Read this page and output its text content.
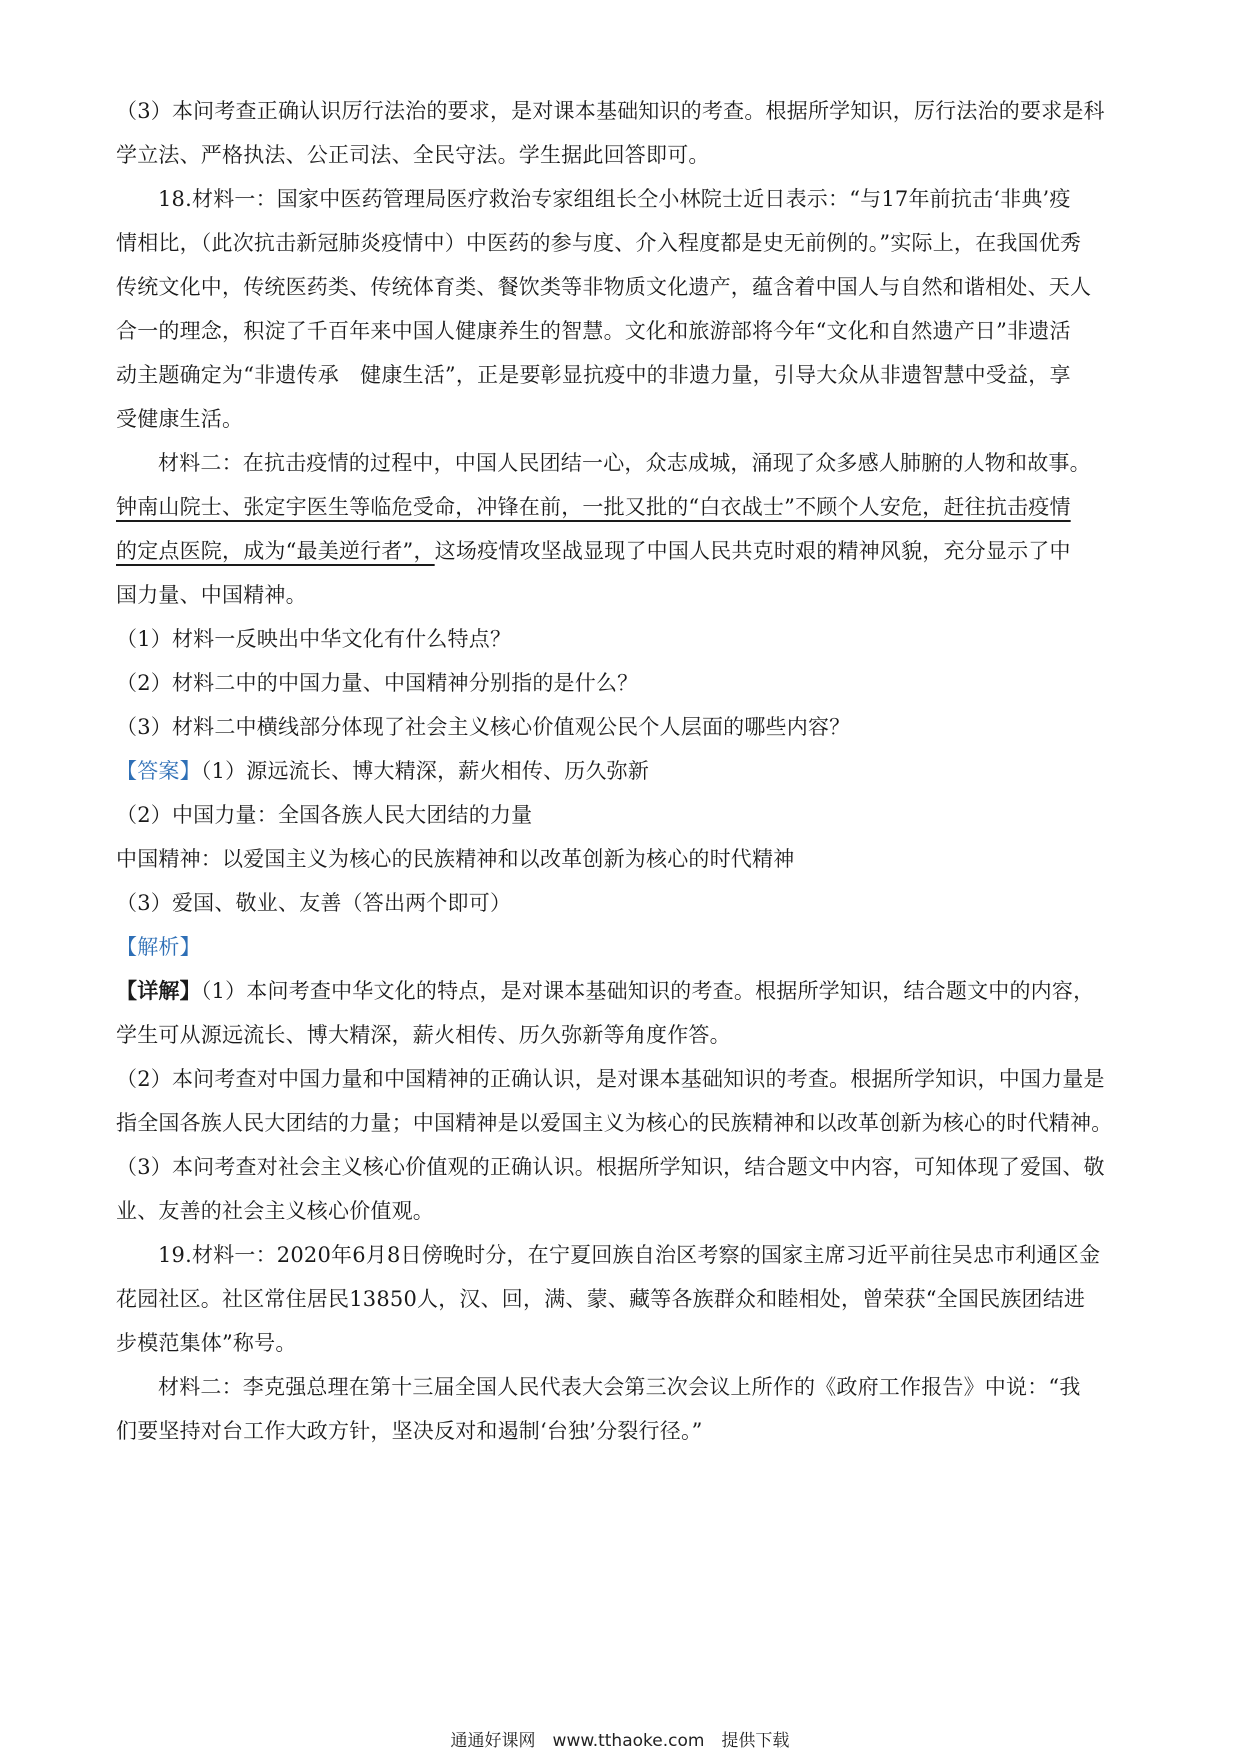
（3）本问考查正确认识厉行法治的要求，是对课本基础知识的考查。根据所学知识，厉行法治的要求是科
学立法、严格执法、公正司法、全民守法。学生据此回答即可。
18.材料一：国家中医药管理局医疗救治专家组组长仝小林院士近日表示：“与17年前抗击‘非典’疫
情相比，（此次抗击新冠肺炎疫情中）中医药的参与度、介入程度都是史无前例的。”实际上，在我国优秀
传统文化中，传统医药类、传统体育类、餐饮类等非物质文化遗产，蕴含着中国人与自然和谐相处、天人
合一的理念，积淀了千百年来中国人健康养生的智慧。文化和旅游部将今年“文化和自然遗产日”非遗活
动主题确定为“非遗传承　健康生活”，正是要彰显抗疫中的非遗力量，引导大众从非遗智慧中受益，享
受健康生活。
材料二：在抗击疫情的过程中，中国人民团结一心，众志成城，涌现了众多感人肺腑的人物和故事。
钟南山院士、张定宇医生等临危受命，冲锋在前，一批又批的“白衣战士”不顾个人安危，赶往抗击疫情
的定点医院，成为“最美逆行者”，这场疫情攻坚战显现了中国人民共克时艰的精神风貌，充分显示了中
国力量、中国精神。
（1）材料一反映出中华文化有什么特点？
（2）材料二中的中国力量、中国精神分别指的是什么？
（3）材料二中横线部分体现了社会主义核心价值观公民个人层面的哪些内容？
【答案】（1）源远流长、博大精深，薪火相传、历久弥新
（2）中国力量：全国各族人民大团结的力量
中国精神：以爱国主义为核心的民族精神和以改革创新为核心的时代精神
（3）爱国、敬业、友善（答出两个即可）
【解析】
【详解】（1）本问考查中华文化的特点，是对课本基础知识的考查。根据所学知识，结合题文中的内容，
学生可从源远流长、博大精深，薪火相传、历久弥新等角度作答。
（2）本问考查对中国力量和中国精神的正确认识，是对课本基础知识的考查。根据所学知识，中国力量是
指全国各族人民大团结的力量；中国精神是以爱国主义为核心的民族精神和以改革创新为核心的时代精神。
（3）本问考查对社会主义核心价值观的正确认识。根据所学知识，结合题文中内容，可知体现了爱国、敬
业、友善的社会主义核心价值观。
19.材料一：2020年6月8日傍晚时分，在宁夏回族自治区考察的国家主席习近平前往吴忠市利通区金
花园社区。社区常住居民13850人，汉、回，满、蒙、藏等各族群众和睦相处，曾荣获“全国民族团结进
步模范集体”称号。
材料二：李克强总理在第十三届全国人民代表大会第三次会议上所作的《政府工作报告》中说：“我
们要坚持对台工作大政方针，坚决反对和遏制‘台独’分裂行径。”
通通好课网　www.tthaoke.com　提供下载
